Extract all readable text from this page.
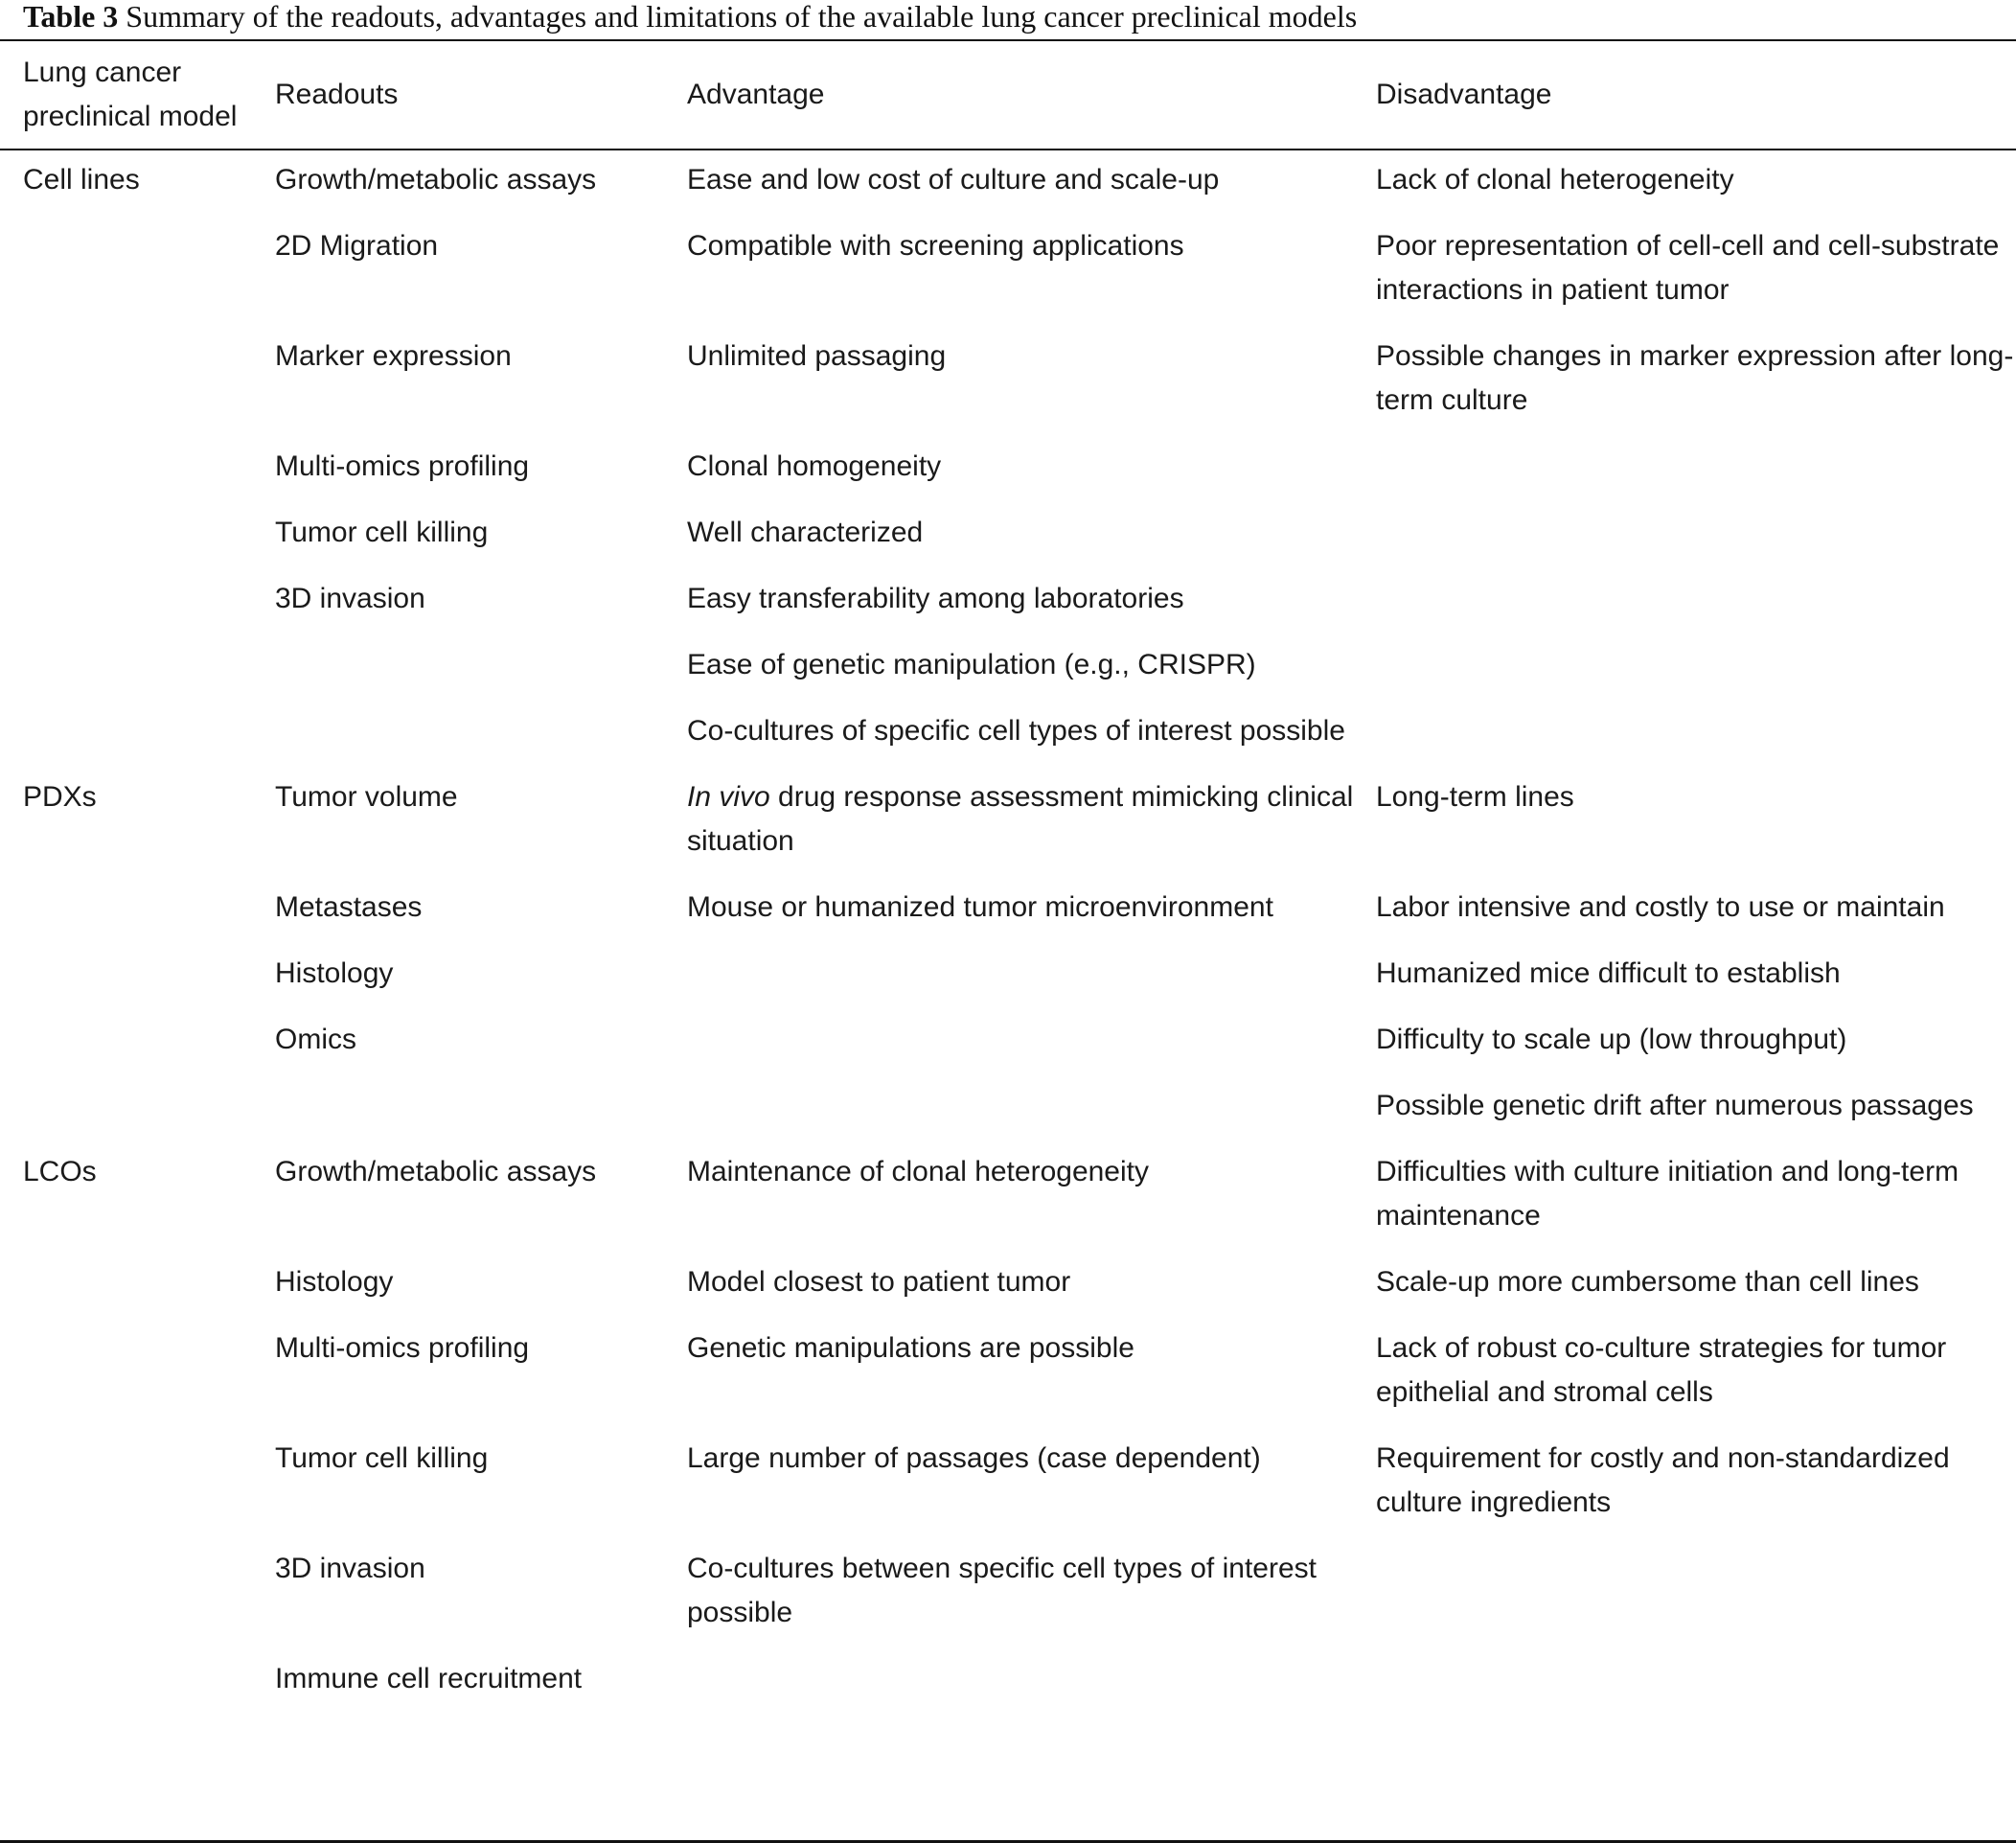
Table 3 Summary of the readouts, advantages and limitations of the available lung cancer preclinical models
Lung cancer preclinical model	Readouts	Advantage	Disadvantage

Cell lines	Growth/metabolic assays	Ease and low cost of culture and scale-up	Lack of clonal heterogeneity

	2D Migration	Compatible with screening applications	Poor representation of cell-cell and cell-substrate interactions in patient tumor

	Marker expression	Unlimited passaging	Possible changes in marker expression after long-term culture

	Multi-omics profiling	Clonal homogeneity	

	Tumor cell killing	Well characterized	

	3D invasion	Easy transferability among laboratories	

		Ease of genetic manipulation (e.g., CRISPR)	

		Co-cultures of specific cell types of interest possible	

PDXs	Tumor volume	In vivo drug response assessment mimicking clinical situation	Long-term lines

	Metastases	Mouse or humanized tumor microenvironment	Labor intensive and costly to use or maintain

	Histology		Humanized mice difficult to establish

	Omics		Difficulty to scale up (low throughput)

			Possible genetic drift after numerous passages

LCOs	Growth/metabolic assays	Maintenance of clonal heterogeneity	Difficulties with culture initiation and long-term maintenance

	Histology	Model closest to patient tumor	Scale-up more cumbersome than cell lines

	Multi-omics profiling	Genetic manipulations are possible	Lack of robust co-culture strategies for tumor epithelial and stromal cells

	Tumor cell killing	Large number of passages (case dependent)	Requirement for costly and non-standardized culture ingredients

	3D invasion	Co-cultures between specific cell types of interest possible	

	Immune cell recruitment		
